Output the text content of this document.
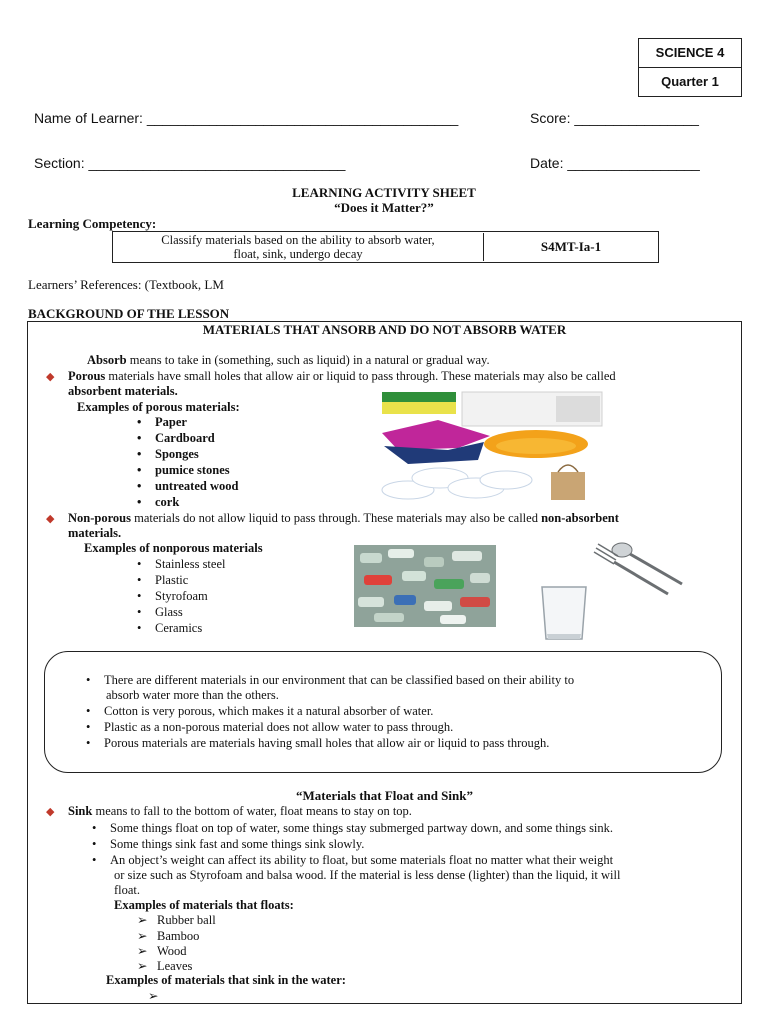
SCIENCE 4
Quarter 1
Name of Learner: ________________________________________	Score: ________________
Section: _________________________________	Date: _________________
LEARNING ACTIVITY SHEET
“Does it Matter?”
Learning Competency:
Classify materials based on the ability to absorb water,
float, sink, undergo decay	S4MT-Ia-1
Learners’ References: (Textbook, LM
BACKGROUND OF THE LESSON
MATERIALS THAT ANSORB AND DO NOT ABSORB WATER
Absorb means to take in (something, such as liquid) in a natural or gradual way.
◆ Porous materials have small holes that allow air or liquid to pass through. These materials may also be called
absorbent materials.
Examples of porous materials:
• Paper
• Cardboard
• Sponges
• pumice stones
• untreated wood
• cork
◆ Non-porous materials do not allow liquid to pass through. These materials may also be called non-absorbent
materials.
Examples of nonporous materials
• Stainless steel
• Plastic
• Styrofoam
• Glass
• Ceramics
• There are different materials in our environment that can be classified based on their ability to
absorb water more than the others.
• Cotton is very porous, which makes it a natural absorber of water.
• Plastic as a non-porous material does not allow water to pass through.
• Porous materials are materials having small holes that allow air or liquid to pass through.
“Materials that Float and Sink”
◆ Sink means to fall to the bottom of water, float means to stay on top.
• Some things float on top of water, some things stay submerged partway down, and some things sink.
• Some things sink fast and some things sink slowly.
• An object’s weight can affect its ability to float, but some materials float no matter what their weight
or size such as Styrofoam and balsa wood. If the material is less dense (lighter) than the liquid, it will
float.
Examples of materials that floats:
➢ Rubber ball
➢ Bamboo
➢ Wood
➢ Leaves
Examples of materials that sink in the water:
➢
